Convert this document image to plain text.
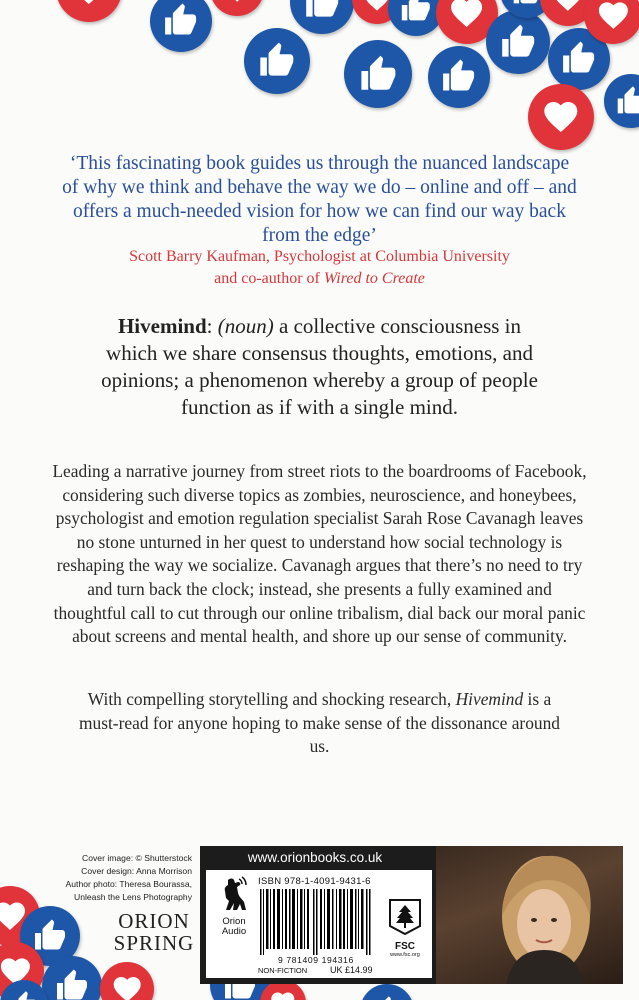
‘This fascinating book guides us through the nuanced landscape of why we think and behave the way we do – online and off – and offers a much-needed vision for how we can find our way back from the edge’
Scott Barry Kaufman, Psychologist at Columbia University
and co-author of Wired to Create
Hivemind: (noun) a collective consciousness in which we share consensus thoughts, emotions, and opinions; a phenomenon whereby a group of people function as if with a single mind.
Leading a narrative journey from street riots to the boardrooms of Facebook, considering such diverse topics as zombies, neuroscience, and honeybees, psychologist and emotion regulation specialist Sarah Rose Cavanagh leaves no stone unturned in her quest to understand how social technology is reshaping the way we socialize. Cavanagh argues that there’s no need to try and turn back the clock; instead, she presents a fully examined and thoughtful call to cut through our online tribalism, dial back our moral panic about screens and mental health, and shore up our sense of community.
With compelling storytelling and shocking research, Hivemind is a must-read for anyone hoping to make sense of the dissonance around us.
Cover image: © Shutterstock
Cover design: Anna Morrison
Author photo: Theresa Bourassa,
Unleash the Lens Photography
ORION
SPRING
www.orionbooks.co.uk
Orion
Audio
ISBN 978-1-4091-9431-6
9 781409 194316
NON-FICTION	UK £14.99
FSC
www.fsc.org
